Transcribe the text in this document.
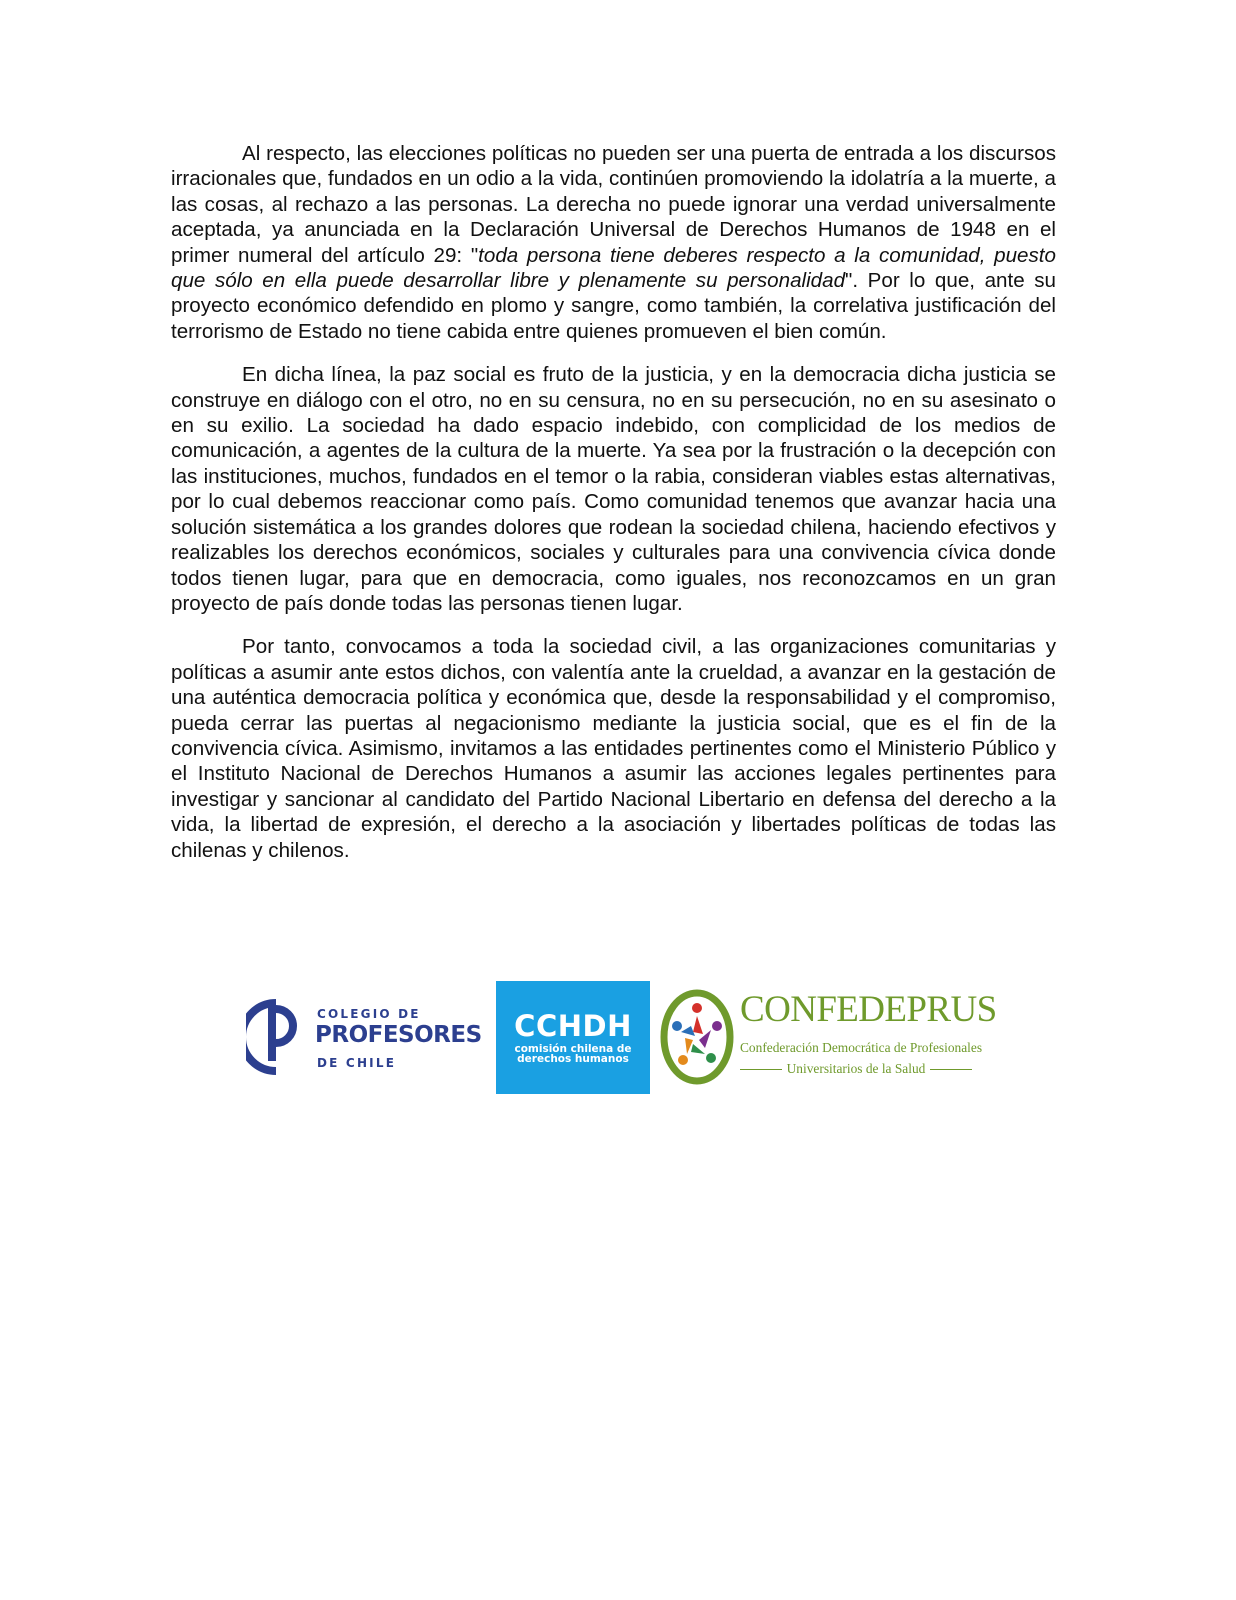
Al respecto, las elecciones políticas no pueden ser una puerta de entrada a los discursos irracionales que, fundados en un odio a la vida, continúen promoviendo la idolatría a la muerte, a las cosas, al rechazo a las personas. La derecha no puede ignorar una verdad universalmente aceptada, ya anunciada en la Declaración Universal de Derechos Humanos de 1948 en el primer numeral del artículo 29: "toda persona tiene deberes respecto a la comunidad, puesto que sólo en ella puede desarrollar libre y plenamente su personalidad". Por lo que, ante su proyecto económico defendido en plomo y sangre, como también, la correlativa justificación del terrorismo de Estado no tiene cabida entre quienes promueven el bien común.

En dicha línea, la paz social es fruto de la justicia, y en la democracia dicha justicia se construye en diálogo con el otro, no en su censura, no en su persecución, no en su asesinato o en su exilio. La sociedad ha dado espacio indebido, con complicidad de los medios de comunicación, a agentes de la cultura de la muerte. Ya sea por la frustración o la decepción con las instituciones, muchos, fundados en el temor o la rabia, consideran viables estas alternativas, por lo cual debemos reaccionar como país. Como comunidad tenemos que avanzar hacia una solución sistemática a los grandes dolores que rodean la sociedad chilena, haciendo efectivos y realizables los derechos económicos, sociales y culturales para una convivencia cívica donde todos tienen lugar, para que en democracia, como iguales, nos reconozcamos en un gran proyecto de país donde todas las personas tienen lugar.

Por tanto, convocamos a toda la sociedad civil, a las organizaciones comunitarias y políticas a asumir ante estos dichos, con valentía ante la crueldad, a avanzar en la gestación de una auténtica democracia política y económica que, desde la responsabilidad y el compromiso, pueda cerrar las puertas al negacionismo mediante la justicia social, que es el fin de la convivencia cívica. Asimismo, invitamos a las entidades pertinentes como el Ministerio Público y el Instituto Nacional de Derechos Humanos a asumir las acciones legales pertinentes para investigar y sancionar al candidato del Partido Nacional Libertario en defensa del derecho a la vida, la libertad de expresión, el derecho a la asociación y libertades políticas de todas las chilenas y chilenos.

COLEGIO DE
PROFESORES
DE CHILE
CCHDH
comisión chilena de
derechos humanos
CONFEDEPRUS
Confederación Democrática de Profesionales
Universitarios de la Salud
